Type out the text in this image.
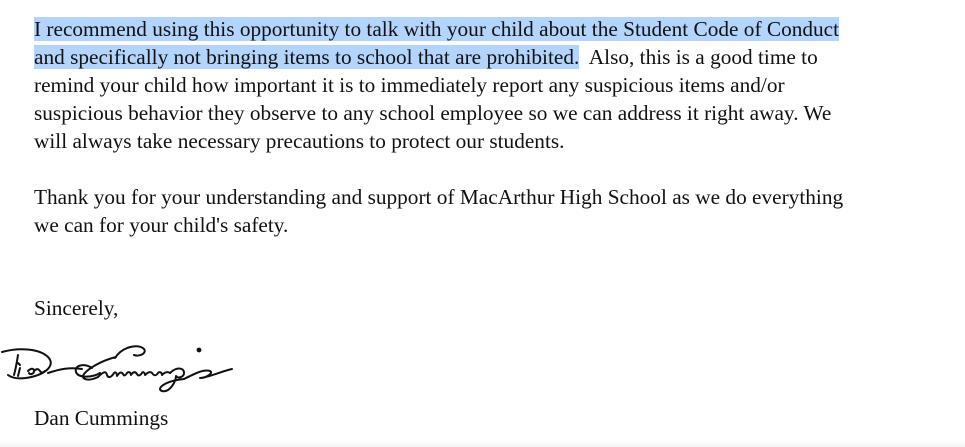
I recommend using this opportunity to talk with your child about the Student Code of Conduct
and specifically not bringing items to school that are prohibited.  Also, this is a good time to
remind your child how important it is to immediately report any suspicious items and/or
suspicious behavior they observe to any school employee so we can address it right away. We
will always take necessary precautions to protect our students.
Thank you for your understanding and support of MacArthur High School as we do everything
we can for your child's safety.
Sincerely,
Dan Cummings
